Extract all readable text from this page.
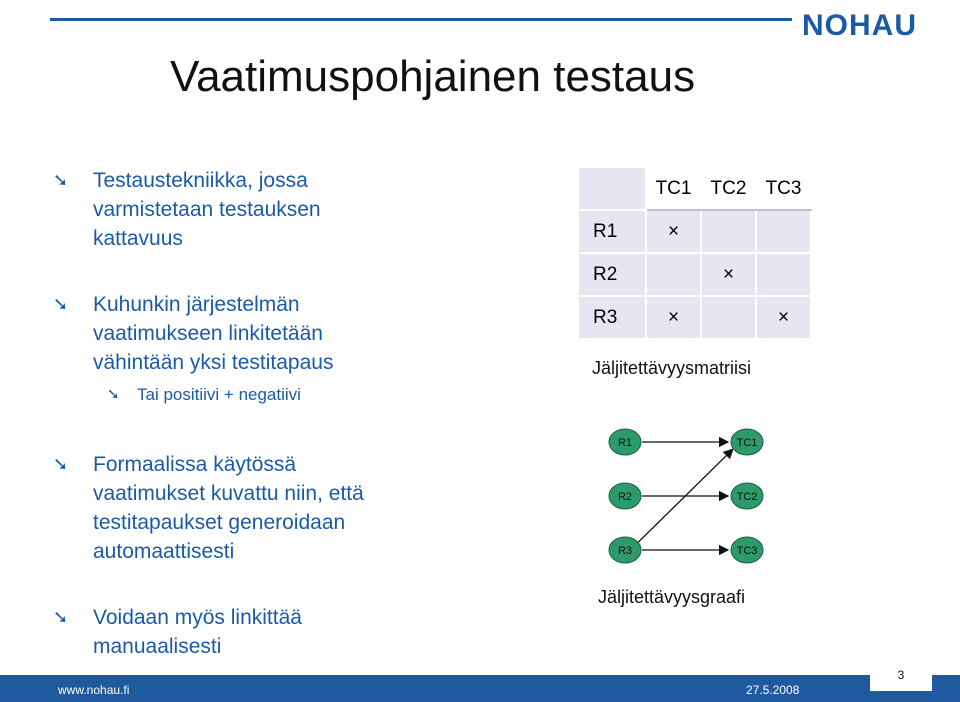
NOHAU
Vaatimuspohjainen testaus
➘ Testaustekniikka, jossa
varmistetaan testauksen
kattavuus
➘ Kuhunkin järjestelmän
vaatimukseen linkitetään
vähintään yksi testitapaus
➘ Tai positiivi + negatiivi
➘ Formaalissa käytössä
vaatimukset kuvattu niin, että
testitapaukset generoidaan
automaattisesti
➘ Voidaan myös linkittää
manuaalisesti
	TC1	TC2	TC3
R1	×		
R2		×	
R3	×		×
Jäljitettävyysmatriisi
R1
R2
R3
TC1
TC2
TC3
Jäljitettävyysgraafi
www.nohau.fi	27.5.2008
3
